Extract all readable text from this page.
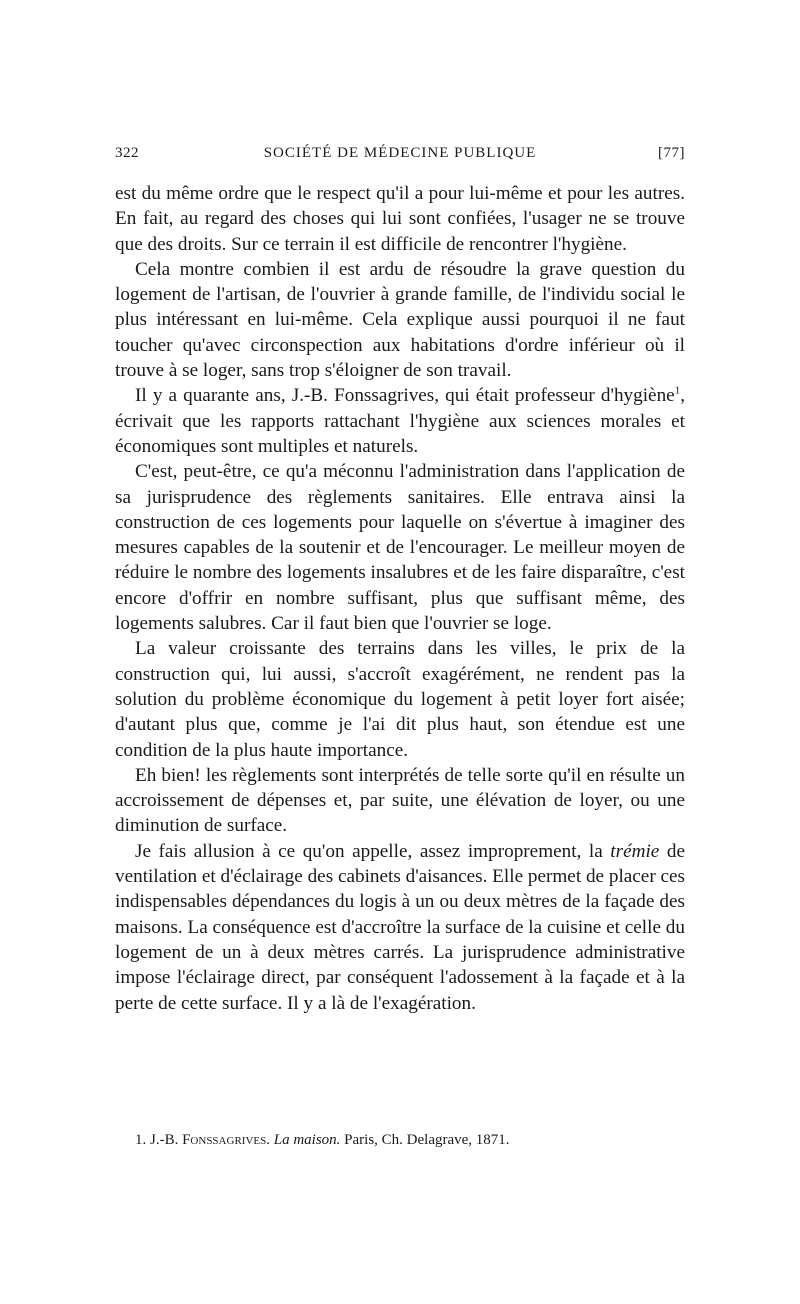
322	SOCIÉTÉ DE MÉDECINE PUBLIQUE	[77]

est du même ordre que le respect qu'il a pour lui-même et pour les autres. En fait, au regard des choses qui lui sont confiées, l'usager ne se trouve que des droits. Sur ce terrain il est difficile de rencontrer l'hygiène.

Cela montre combien il est ardu de résoudre la grave question du logement de l'artisan, de l'ouvrier à grande famille, de l'individu social le plus intéressant en lui-même. Cela explique aussi pourquoi il ne faut toucher qu'avec circonspection aux habitations d'ordre inférieur où il trouve à se loger, sans trop s'éloigner de son travail.

Il y a quarante ans, J.-B. Fonssagrives, qui était professeur d'hygiène$^1$, écrivait que les rapports rattachant l'hygiène aux sciences morales et économiques sont multiples et naturels.

C'est, peut-être, ce qu'a méconnu l'administration dans l'application de sa jurisprudence des règlements sanitaires. Elle entrava ainsi la construction de ces logements pour laquelle on s'évertue à imaginer des mesures capables de la soutenir et de l'encourager. Le meilleur moyen de réduire le nombre des logements insalubres et de les faire disparaître, c'est encore d'offrir en nombre suffisant, plus que suffisant même, des logements salubres. Car il faut bien que l'ouvrier se loge.

La valeur croissante des terrains dans les villes, le prix de la construction qui, lui aussi, s'accroît exagérément, ne rendent pas la solution du problème économique du logement à petit loyer fort aisée; d'autant plus que, comme je l'ai dit plus haut, son étendue est une condition de la plus haute importance.

Eh bien! les règlements sont interprétés de telle sorte qu'il en résulte un accroissement de dépenses et, par suite, une élévation de loyer, ou une diminution de surface.

Je fais allusion à ce qu'on appelle, assez improprement, la trémie de ventilation et d'éclairage des cabinets d'aisances. Elle permet de placer ces indispensables dépendances du logis à un ou deux mètres de la façade des maisons. La conséquence est d'accroître la surface de la cuisine et celle du logement de un à deux mètres carrés. La jurisprudence administrative impose l'éclairage direct, par conséquent l'adossement à la façade et à la perte de cette surface. Il y a là de l'exagération.

1. J.-B. Fonssagrives. La maison. Paris, Ch. Delagrave, 1871.
